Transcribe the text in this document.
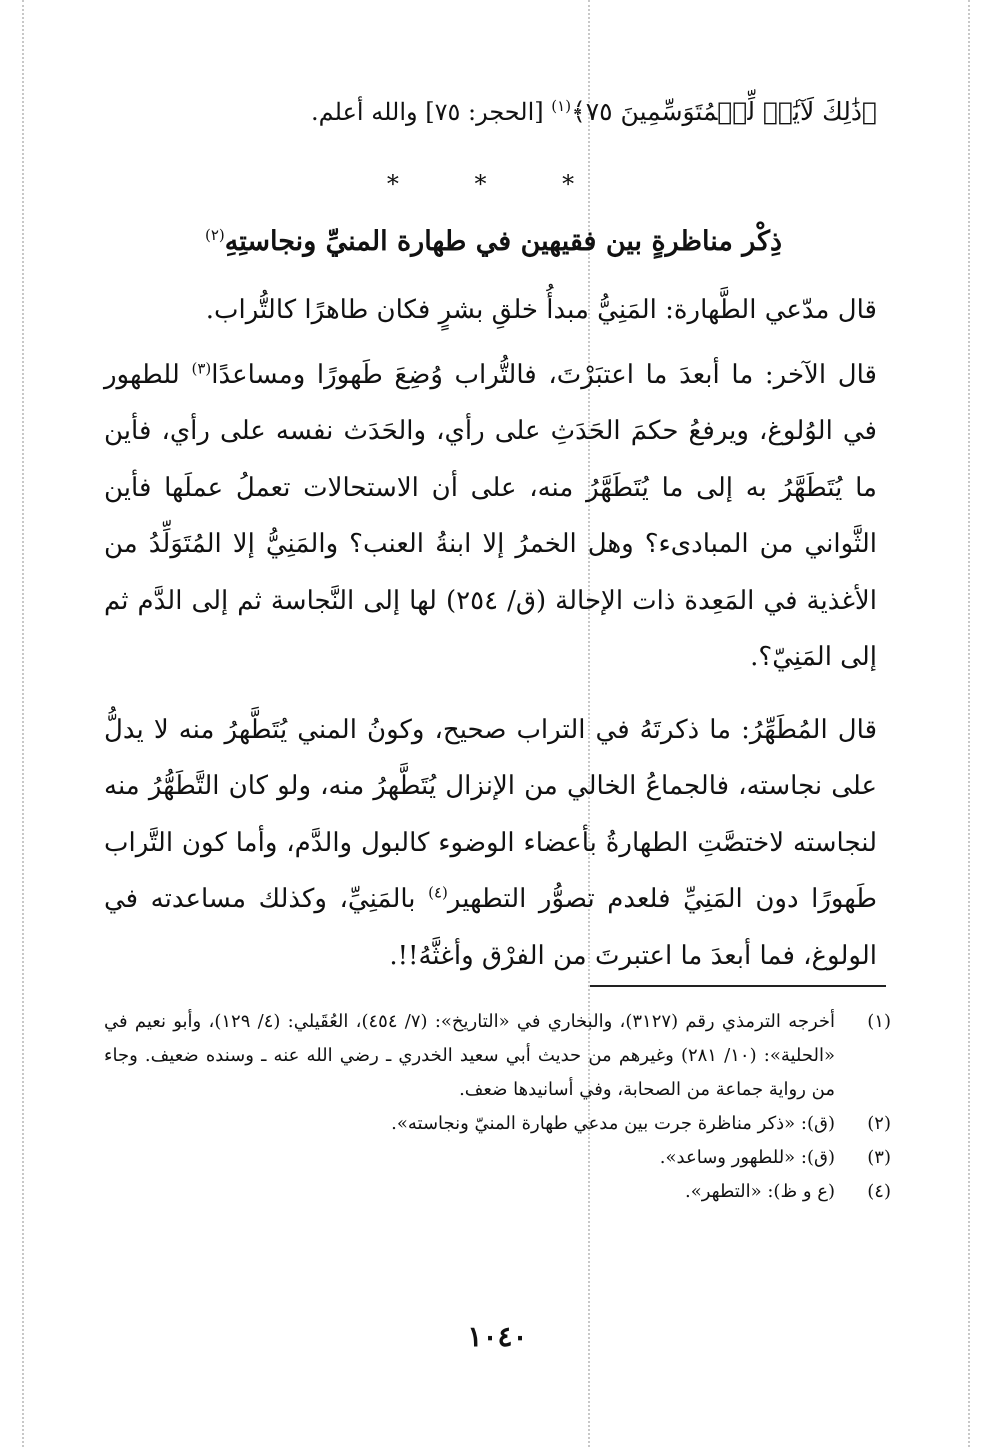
﴿ذَٰلِكَ لَآيَٰتٖ لِّلۡمُتَوَسِّمِينَ ٧٥﴾$^{(١)}$ [الحجر: ٧٥] والله أعلم.
* * *
ذِكْر مناظرةٍ بين فقيهين في طهارة المنيِّ ونجاستِهِ$^{(٢)}$

قال مدّعي الطَّهارة: المَنِيُّ مبدأُ خلقِ بشرٍ فكان طاهرًا كالتُّراب.

قال الآخر: ما أبعدَ ما اعتبَرْتَ، فالتُّراب وُضِعَ طَهورًا ومساعدًا$^{(٣)}$ للطهور في الوُلوغ، ويرفعُ حكمَ الحَدَثِ على رأي، والحَدَث نفسه على رأي، فأين ما يُتَطَهَّرُ به إلى ما يُتَطَهَّرُ منه، على أن الاستحالات تعملُ عملَها فأين الثَّواني من المبادىء؟ وهل الخمرُ إلا ابنةُ العنب؟ والمَنِيُّ إلا المُتَوَلِّدُ من الأغذية في المَعِدة ذات الإحالة (ق/ ٢٥٤) لها إلى النَّجاسة ثم إلى الدَّم ثم إلى المَنِيّ؟.

قال المُطَهِّرُ: ما ذكرتَهُ في التراب صحيح، وكونُ المني يُتَطَّهرُ منه لا يدلُّ على نجاسته، فالجماعُ الخالي من الإنزال يُتَطَّهرُ منه، ولو كان التَّطَهُّرُ منه لنجاسته لاختصَّتِ الطهارةُ بأعضاء الوضوء كالبول والدَّم، وأما كون التَّراب طَهورًا دون المَنِيِّ فلعدم تصوُّر التطهير$^{(٤)}$ بالمَنِيِّ، وكذلك مساعدته في الولوغ، فما أبعدَ ما اعتبرتَ من الفرْق وأغثَّهُ!!.

(١)
أخرجه الترمذي رقم (٣١٢٧)، والبخاري في «التاريخ»: (٧/ ٤٥٤)، العُقَيلي: (٤/ ١٢٩)، وأبو نعيم في «الحلية»: (١٠/ ٢٨١) وغيرهم من حديث أبي سعيد الخدري ـ رضي الله عنه ـ وسنده ضعيف. وجاء من رواية جماعة من الصحابة، وفي أسانيدها ضعف.
(٢)
(ق): «ذكر مناظرة جرت بين مدعي طهارة المنيّ ونجاسته».
(٣)
(ق): «للطهور وساعد».
(٤)
(ع و ظ): «التطهر».
١٠٤٠
